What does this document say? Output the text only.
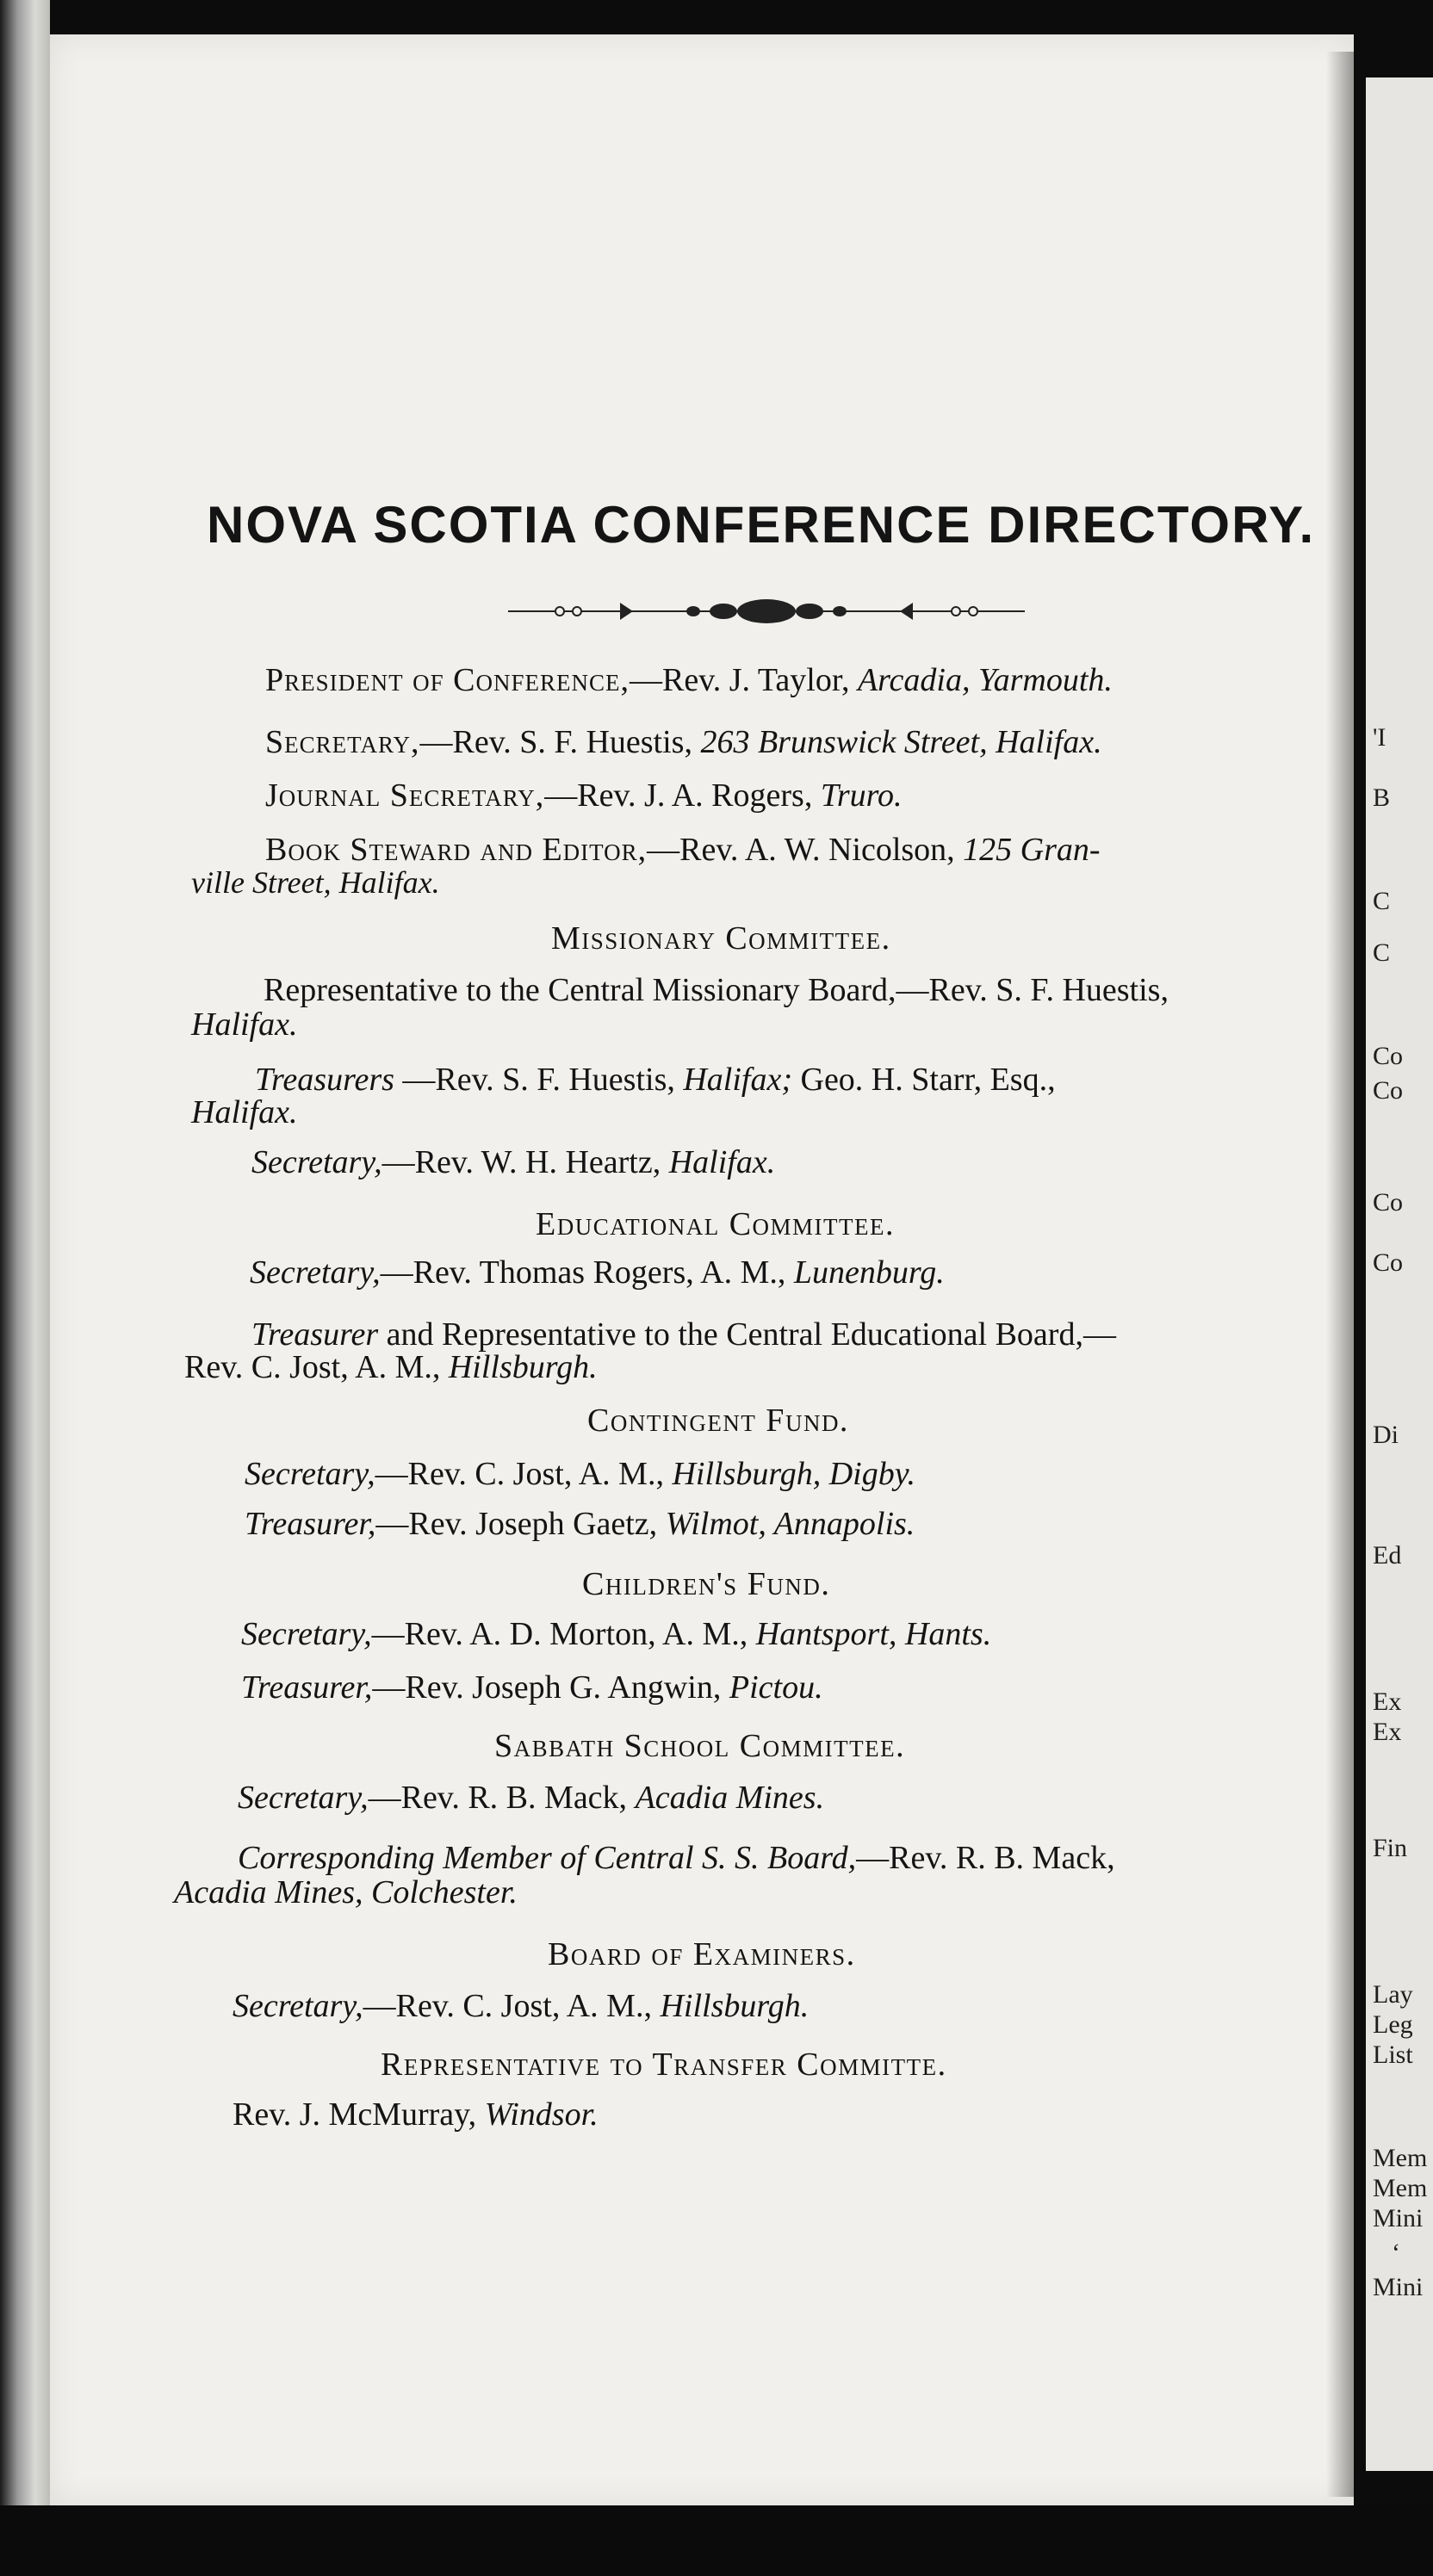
'I
B
C
C
Co
Co
Co
Co
Di
Ed
Ex
Ex
Fin
Lay
Leg
List
Mem
Mem
Mini
‘
Mini
NOVA SCOTIA CONFERENCE DIRECTORY.
President of Conference,—Rev. J. Taylor, Arcadia, Yarmouth.
Secretary,—Rev. S. F. Huestis, 263 Brunswick Street, Halifax.
Journal Secretary,—Rev. J. A. Rogers, Truro.
Book Steward and Editor,—Rev. A. W. Nicolson, 125 Gran-
ville Street, Halifax.
Missionary Committee.
Representative to the Central Missionary Board,—Rev. S. F. Huestis,
Halifax.
Treasurers —Rev. S. F. Huestis, Halifax; Geo. H. Starr, Esq.,
Halifax.
Secretary,—Rev. W. H. Heartz, Halifax.
Educational Committee.
Secretary,—Rev. Thomas Rogers, A. M., Lunenburg.
Treasurer and Representative to the Central Educational Board,—
Rev. C. Jost, A. M., Hillsburgh.
Contingent Fund.
Secretary,—Rev. C. Jost, A. M., Hillsburgh, Digby.
Treasurer,—Rev. Joseph Gaetz, Wilmot, Annapolis.
Children's Fund.
Secretary,—Rev. A. D. Morton, A. M., Hantsport, Hants.
Treasurer,—Rev. Joseph G. Angwin, Pictou.
Sabbath School Committee.
Secretary,—Rev. R. B. Mack, Acadia Mines.
Corresponding Member of Central S. S. Board,—Rev. R. B. Mack,
Acadia Mines, Colchester.
Board of Examiners.
Secretary,—Rev. C. Jost, A. M., Hillsburgh.
Representative to Transfer Committe.
Rev. J. McMurray, Windsor.
